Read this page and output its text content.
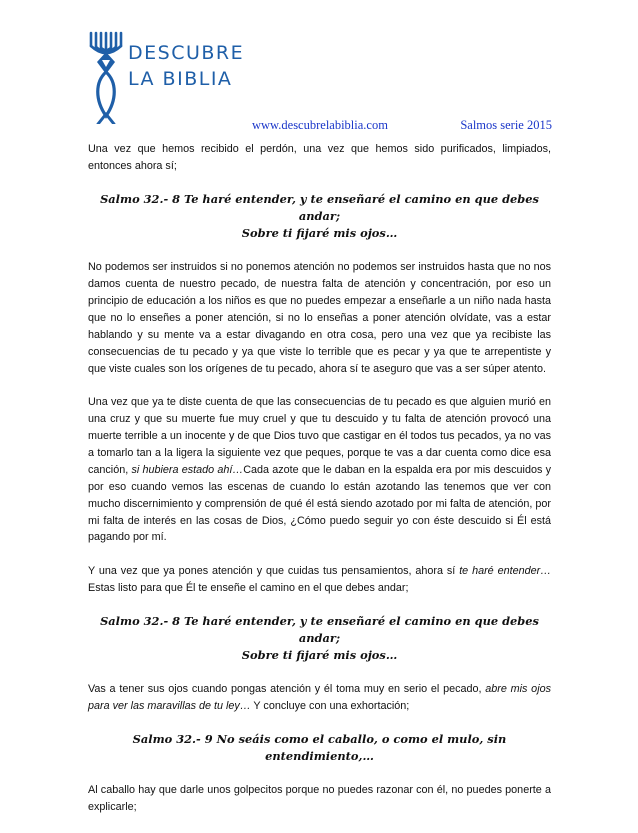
DESCUBRE
LA BIBLIA
www.descubrelabiblia.com	Salmos serie 2015

Una vez que hemos recibido el perdón, una vez que hemos sido purificados, limpiados, entonces ahora sí;

Salmo 32.- 8 Te haré entender, y te enseñaré el camino en que debes andar;
Sobre ti fijaré mis ojos…

No podemos ser instruidos si no ponemos atención no podemos ser instruidos hasta que no nos damos cuenta de nuestro pecado, de nuestra falta de atención y concentración, por eso un principio de educación a los niños es que no puedes empezar a enseñarle a un niño nada hasta que no lo enseñes a poner atención, si no lo enseñas a poner atención olvídate, vas a estar hablando y su mente va a estar divagando en otra cosa, pero una vez que ya recibiste las consecuencias de tu pecado y ya que viste lo terrible que es pecar y ya que te arrepentiste y que viste cuales son los orígenes de tu pecado, ahora sí te aseguro que vas a ser súper atento.

Una vez que ya te diste cuenta de que las consecuencias de tu pecado es que alguien murió en una cruz y que su muerte fue muy cruel y que tu descuido y tu falta de atención provocó una muerte terrible a un inocente y de que Dios tuvo que castigar en él todos tus pecados, ya no vas a tomarlo tan a la ligera la siguiente vez que peques, porque te vas a dar cuenta como dice esa canción, si hubiera estado ahí…Cada azote que le daban en la espalda era por mis descuidos y por eso cuando vemos las escenas de cuando lo están azotando las tenemos que ver con mucho discernimiento y comprensión de qué él está siendo azotado por mi falta de atención, por mi falta de interés en las cosas de Dios, ¿Cómo puedo seguir yo con éste descuido si Él está pagando por mí.

Y una vez que ya pones atención y que cuidas tus pensamientos, ahora sí te haré entender… Estas listo para que Él te enseñe el camino en el que debes andar;

Salmo 32.- 8 Te haré entender, y te enseñaré el camino en que debes andar;
Sobre ti fijaré mis ojos…

Vas a tener sus ojos cuando pongas atención y él toma muy en serio el pecado, abre mis ojos para ver las maravillas de tu ley… Y concluye con una exhortación;

Salmo 32.- 9 No seáis como el caballo, o como el mulo, sin entendimiento,…

Al caballo hay que darle unos golpecitos porque no puedes razonar con él, no puedes ponerte a explicarle;
